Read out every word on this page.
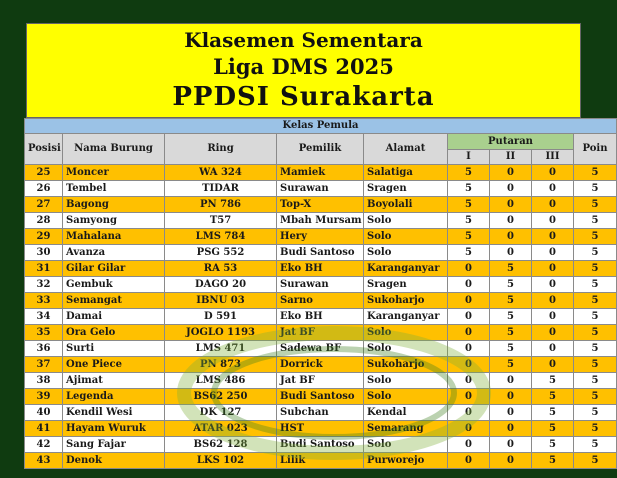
Klasemen Sementara
Liga DMS 2025
PPDSI Surakarta
Kelas Pemula								
Posisi	Nama Burung	Ring	Pemilik	Alamat	Putaran			Poin
					I	II	III	
25	Moncer	WA 324	Mamiek	Salatiga	5	0	0	5
26	Tembel	TIDAR	Surawan	Sragen	5	0	0	5
27	Bagong	PN 786	Top-X	Boyolali	5	0	0	5
28	Samyong	T57	Mbah Mursam	Solo	5	0	0	5
29	Mahalana	LMS 784	Hery	Solo	5	0	0	5
30	Avanza	PSG 552	Budi Santoso	Solo	5	0	0	5
31	Gilar Gilar	RA 53	Eko BH	Karanganyar	0	5	0	5
32	Gembuk	DAGO 20	Surawan	Sragen	0	5	0	5
33	Semangat	IBNU 03	Sarno	Sukoharjo	0	5	0	5
34	Damai	D 591	Eko BH	Karanganyar	0	5	0	5
35	Ora Gelo	JOGLO 1193	Jat BF	Solo	0	5	0	5
36	Surti	LMS 471	Sadewa BF	Solo	0	5	0	5
37	One Piece	PN 873	Dorrick	Sukoharjo	0	5	0	5
38	Ajimat	LMS 486	Jat BF	Solo	0	0	5	5
39	Legenda	BS62 250	Budi Santoso	Solo	0	0	5	5
40	Kendil Wesi	DK 127	Subchan	Kendal	0	0	5	5
41	Hayam Wuruk	ATAR 023	HST	Semarang	0	0	5	5
42	Sang Fajar	BS62 128	Budi Santoso	Solo	0	0	5	5
43	Denok	LKS 102	Lilik	Purworejo	0	0	5	5
